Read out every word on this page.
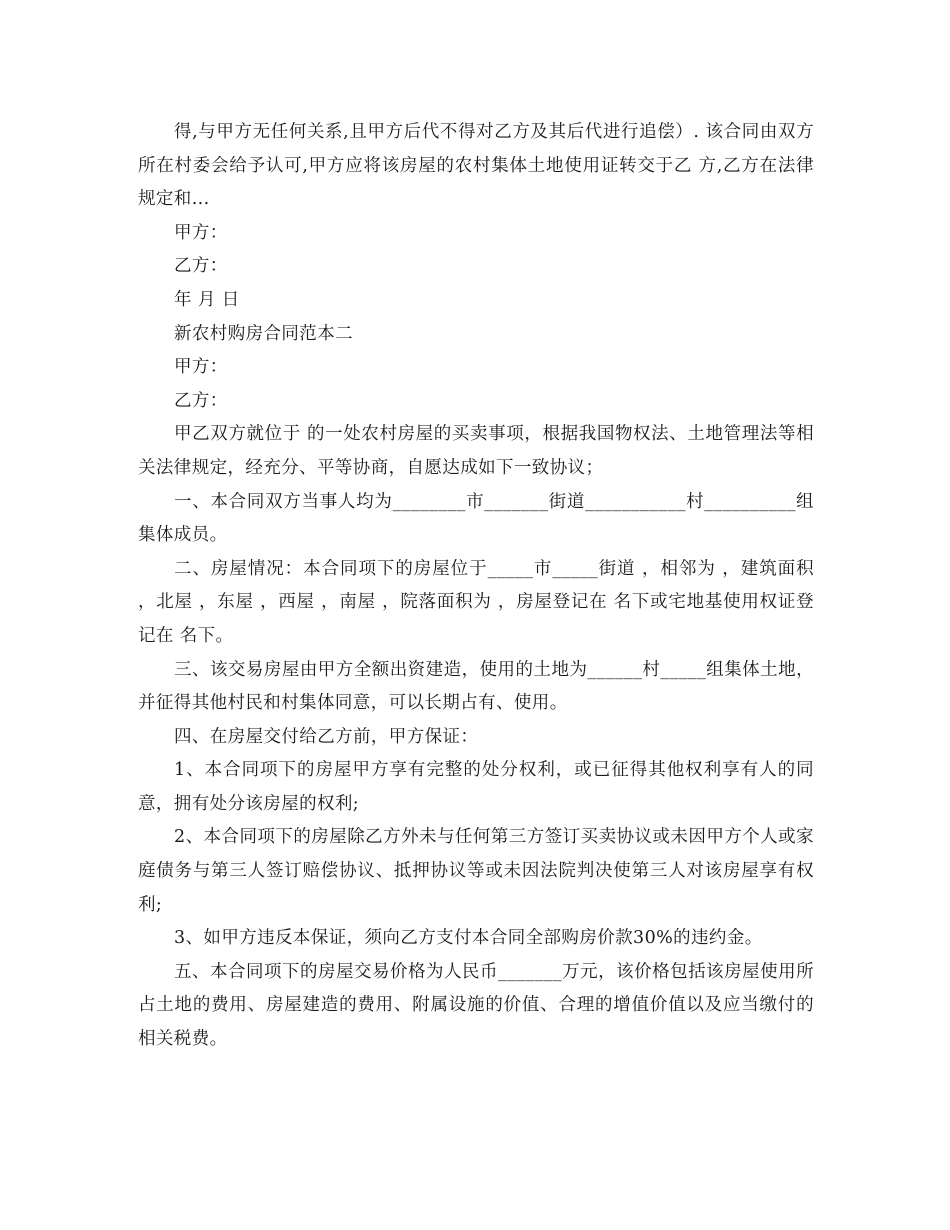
得,与甲方无任何关系,且甲方后代不得对乙方及其后代进行追偿）. 该合同由双方所在村委会给予认可,甲方应将该房屋的农村集体土地使用证转交于乙 方,乙方在法律规定和...

甲方：

乙方：

年 月 日

新农村购房合同范本二

甲方：

乙方：

甲乙双方就位于 的一处农村房屋的买卖事项，根据我国物权法、土地管理法等相关法律规定，经充分、平等协商，自愿达成如下一致协议；

一、本合同双方当事人均为________市_______街道___________村__________组集体成员。

二、房屋情况：本合同项下的房屋位于_____市_____街道 ，相邻为 ，建筑面积 ，北屋 ，东屋 ，西屋 ，南屋 ，院落面积为 ，房屋登记在 名下或宅地基使用权证登记在 名下。

三、该交易房屋由甲方全额出资建造，使用的土地为______村_____组集体土地，并征得其他村民和村集体同意，可以长期占有、使用。

四、在房屋交付给乙方前，甲方保证：

1、本合同项下的房屋甲方享有完整的处分权利，或已征得其他权利享有人的同意，拥有处分该房屋的权利;

2、本合同项下的房屋除乙方外未与任何第三方签订买卖协议或未因甲方个人或家庭债务与第三人签订赔偿协议、抵押协议等或未因法院判决使第三人对该房屋享有权利;

3、如甲方违反本保证，须向乙方支付本合同全部购房价款30%的违约金。

五、本合同项下的房屋交易价格为人民币_______万元，该价格包括该房屋使用所占土地的费用、房屋建造的费用、附属设施的价值、合理的增值价值以及应当缴付的相关税费。
